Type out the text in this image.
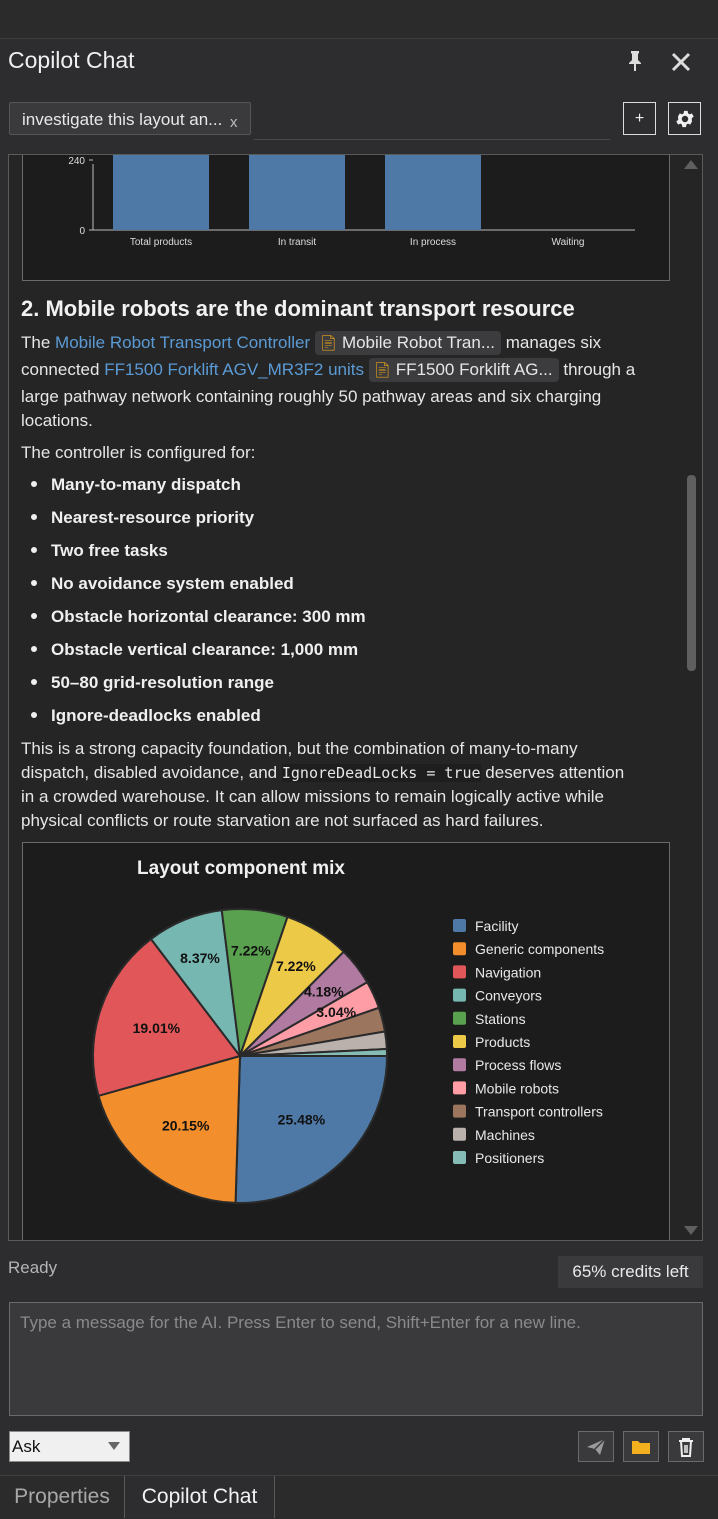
Copilot Chat
investigate this layout an... x	+
240
0
Total products	In transit	In process	Waiting
Layout component mix
25.48%
20.15%
19.01%
8.37% 7.22%
7.22%
4.18%
3.04%
Facility
Generic components
Navigation
Conveyors
Stations
Products
Process flows
Mobile robots
Transport controllers
Machines
Positioners
2. Mobile robots are the dominant transport resource
The Mobile Robot Transport Controller 📄︎ Mobile Robot Tran... manages six
connected FF1500 Forklift AGV_MR3F2 units 📄︎ FF1500 Forklift AG... through a
large pathway network containing roughly 50 pathway areas and six charging
locations.
The controller is configured for:
Many-to-many dispatch
Nearest-resource priority
Two free tasks
No avoidance system enabled
Obstacle horizontal clearance: 300 mm
Obstacle vertical clearance: 1,000 mm
50–80 grid-resolution range
Ignore-deadlocks enabled
This is a strong capacity foundation, but the combination of many-to-many
dispatch, disabled avoidance, and IgnoreDeadLocks = true deserves attention
in a crowded warehouse. It can allow missions to remain logically active while
physical conflicts or route starvation are not surfaced as hard failures.
Ready	65% credits left
Type a message for the AI. Press Enter to send, Shift+Enter for a new line.
Ask
Properties	Copilot Chat
